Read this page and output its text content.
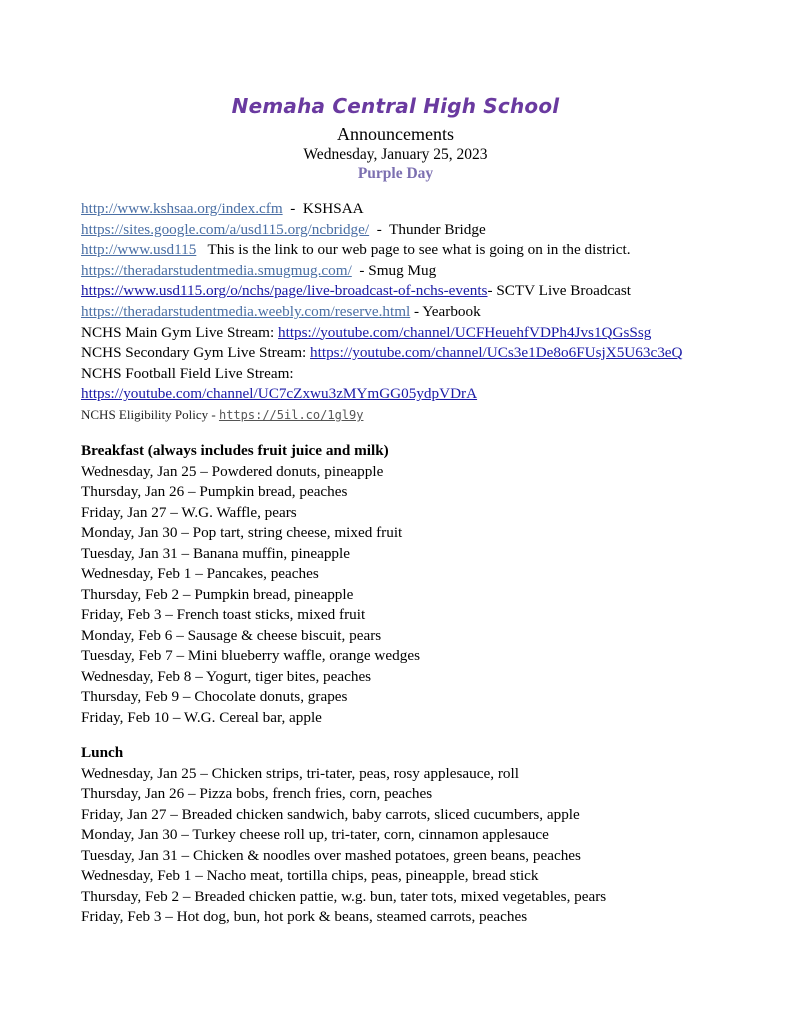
Nemaha Central High School
Announcements
Wednesday, January 25, 2023
Purple Day
http://www.kshsaa.org/index.cfm  -  KSHSAA
https://sites.google.com/a/usd115.org/ncbridge/  -  Thunder Bridge
http://www.usd115   This is the link to our web page to see what is going on in the district.
https://theradarstudentmedia.smugmug.com/  - Smug Mug
https://www.usd115.org/o/nchs/page/live-broadcast-of-nchs-events- SCTV Live Broadcast
https://theradarstudentmedia.weebly.com/reserve.html - Yearbook
NCHS Main Gym Live Stream: https://youtube.com/channel/UCFHeuehfVDPh4Jvs1QGsSsg
NCHS Secondary Gym Live Stream: https://youtube.com/channel/UCs3e1De8o6FUsjX5U63c3eQ
NCHS Football Field Live Stream:
https://youtube.com/channel/UC7cZxwu3zMYmGG05ydpVDrA
NCHS Eligibility Policy - https://5il.co/1gl9y
Breakfast (always includes fruit juice and milk)
Wednesday, Jan 25 – Powdered donuts, pineapple
Thursday, Jan 26 – Pumpkin bread, peaches
Friday, Jan 27 – W.G. Waffle, pears
Monday, Jan 30 – Pop tart, string cheese, mixed fruit
Tuesday, Jan 31 – Banana muffin, pineapple
Wednesday, Feb 1 – Pancakes, peaches
Thursday, Feb 2 – Pumpkin bread, pineapple
Friday, Feb 3 – French toast sticks, mixed fruit
Monday, Feb 6 – Sausage & cheese biscuit, pears
Tuesday, Feb 7 – Mini blueberry waffle, orange wedges
Wednesday, Feb 8 – Yogurt, tiger bites, peaches
Thursday, Feb 9 – Chocolate donuts, grapes
Friday, Feb 10 – W.G. Cereal bar, apple
Lunch
Wednesday, Jan 25 – Chicken strips, tri-tater, peas, rosy applesauce, roll
Thursday, Jan 26 – Pizza bobs, french fries, corn, peaches
Friday, Jan 27 – Breaded chicken sandwich, baby carrots, sliced cucumbers, apple
Monday, Jan 30 – Turkey cheese roll up, tri-tater, corn, cinnamon applesauce
Tuesday, Jan 31 – Chicken & noodles over mashed potatoes, green beans, peaches
Wednesday, Feb 1 – Nacho meat, tortilla chips, peas, pineapple, bread stick
Thursday, Feb 2 – Breaded chicken pattie, w.g. bun, tater tots, mixed vegetables, pears
Friday, Feb 3 – Hot dog, bun, hot pork & beans, steamed carrots, peaches
